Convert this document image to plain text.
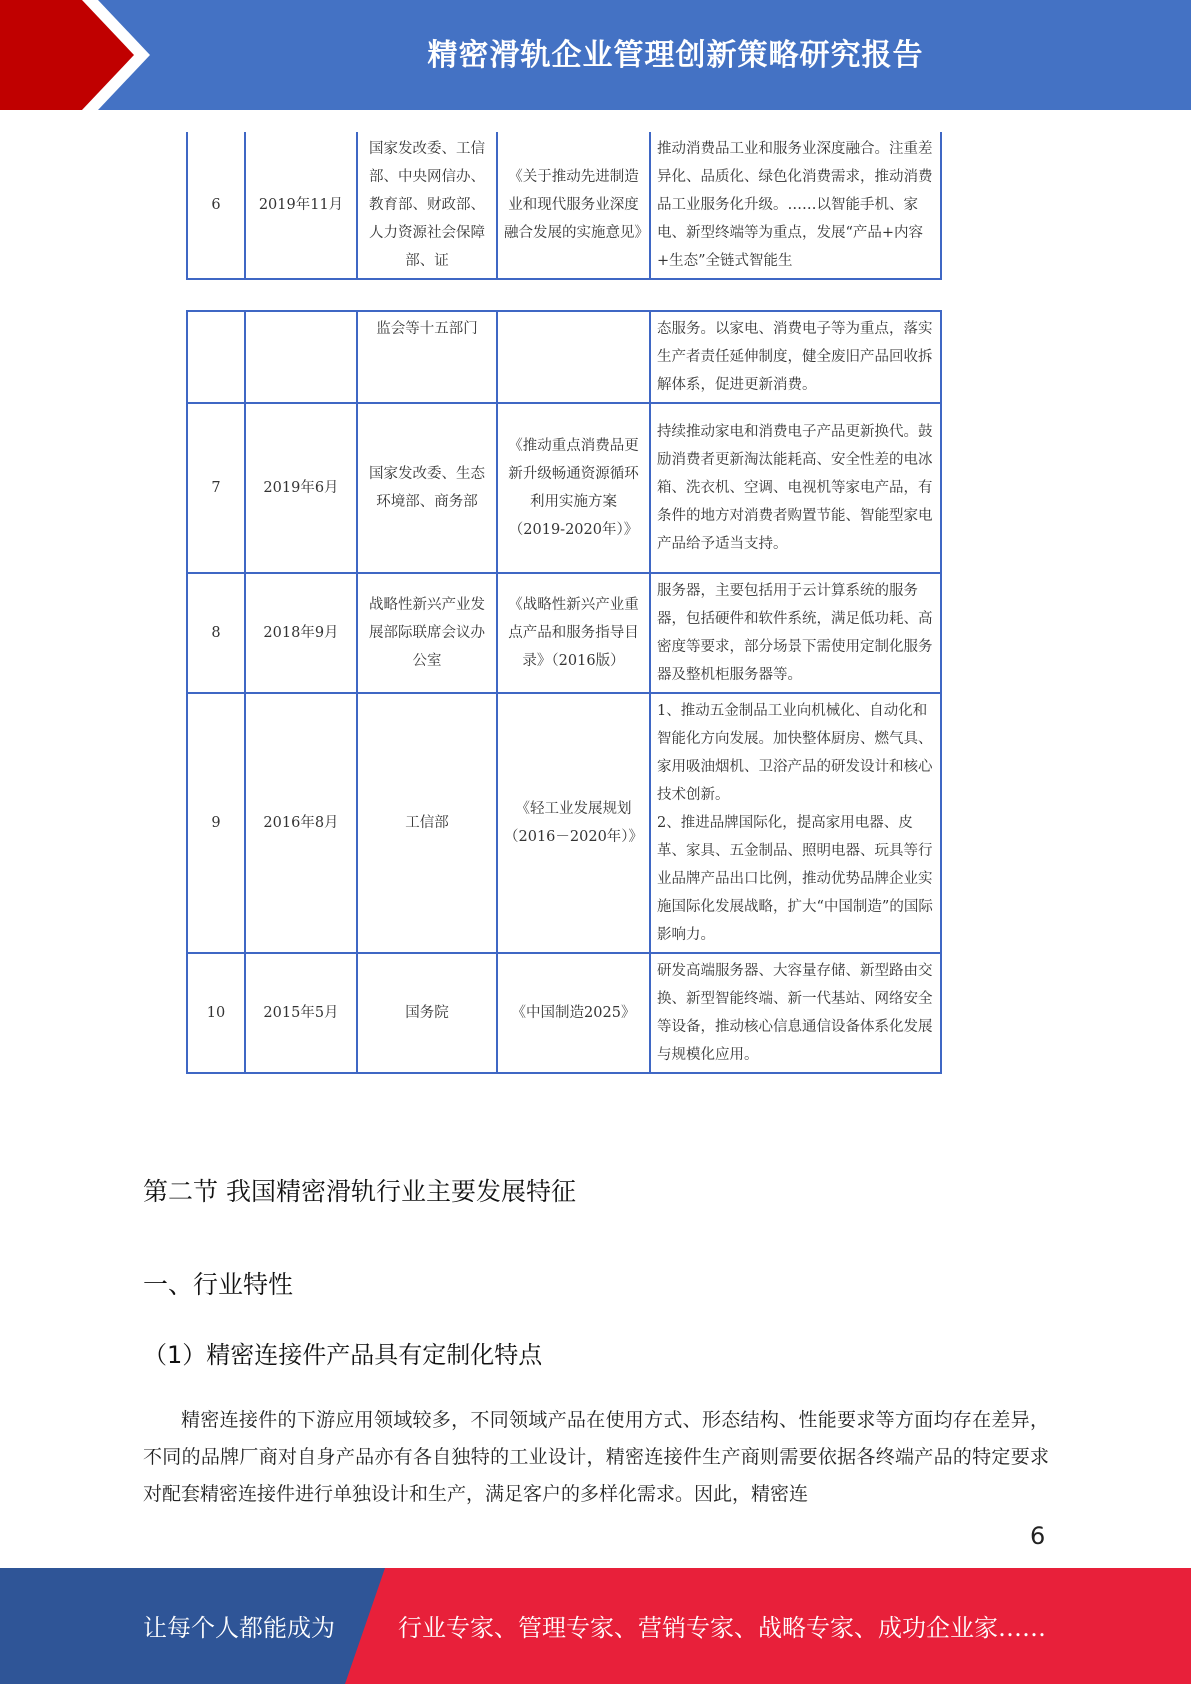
精密滑轨企业管理创新策略研究报告
6	2019年11月	国家发改委、工信部、中央网信办、教育部、财政部、人力资源社会保障部、证	《关于推动先进制造业和现代服务业深度融合发展的实施意见》	推动消费品工业和服务业深度融合。注重差异化、品质化、绿色化消费需求，推动消费品工业服务化升级。……以智能手机、家电、新型终端等为重点，发展“产品+内容+生态”全链式智能生
		监会等十五部门		态服务。以家电、消费电子等为重点，落实生产者责任延伸制度，健全废旧产品回收拆解体系，促进更新消费。
7	2019年6月	国家发改委、生态环境部、商务部	《推动重点消费品更新升级畅通资源循环利用实施方案（2019-2020年）》	持续推动家电和消费电子产品更新换代。鼓励消费者更新淘汰能耗高、安全性差的电冰箱、洗衣机、空调、电视机等家电产品，有条件的地方对消费者购置节能、智能型家电产品给予适当支持。
8	2018年9月	战略性新兴产业发展部际联席会议办公室	《战略性新兴产业重点产品和服务指导目录》（2016版）	服务器，主要包括用于云计算系统的服务器，包括硬件和软件系统，满足低功耗、高密度等要求，部分场景下需使用定制化服务器及整机柜服务器等。
9	2016年8月	工信部	《轻工业发展规划（2016－2020年）》	1、推动五金制品工业向机械化、自动化和智能化方向发展。加快整体厨房、燃气具、家用吸油烟机、卫浴产品的研发设计和核心技术创新。
2、推进品牌国际化，提高家用电器、皮革、家具、五金制品、照明电器、玩具等行业品牌产品出口比例，推动优势品牌企业实施国际化发展战略，扩大“中国制造”的国际影响力。

10	2015年5月	国务院	《中国制造2025》	研发高端服务器、大容量存储、新型路由交换、新型智能终端、新一代基站、网络安全等设备，推动核心信息通信设备体系化发展与规模化应用。
第二节 我国精密滑轨行业主要发展特征
一、行业特性
（1）精密连接件产品具有定制化特点

精密连接件的下游应用领域较多，不同领域产品在使用方式、形态结构、性能要求等方面均存在差异，不同的品牌厂商对自身产品亦有各自独特的工业设计，精密连接件生产商则需要依据各终端产品的特定要求对配套精密连接件进行单独设计和生产，满足客户的多样化需求。因此，精密连

6
让每个人都能成为	行业专家、管理专家、营销专家、战略专家、成功企业家……
